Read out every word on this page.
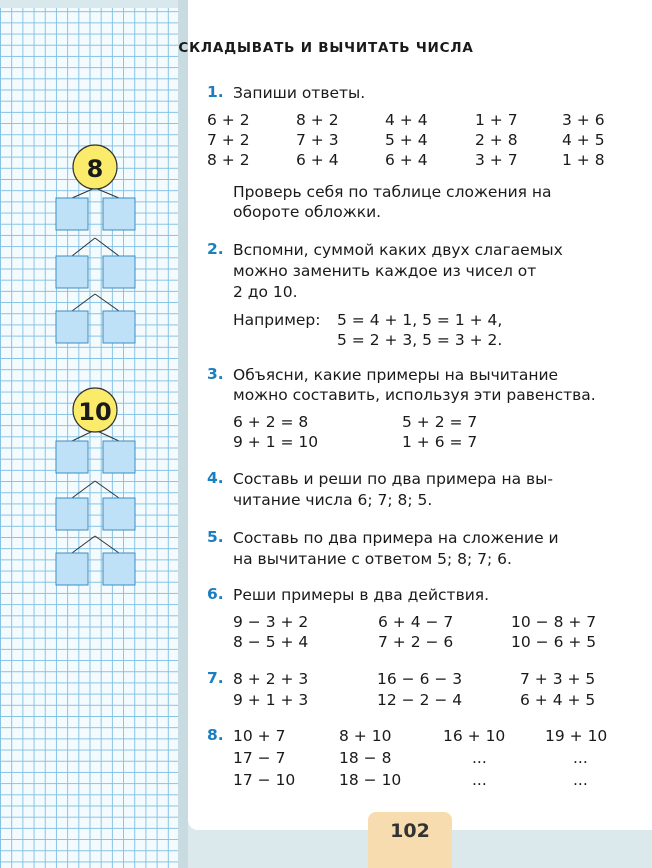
8
10
СКЛАДЫВАТЬ И ВЫЧИТАТЬ ЧИСЛА
1. Запиши ответы.
6 + 2	8 + 2	4 + 4	1 + 7	3 + 6
7 + 2	7 + 3	5 + 4	2 + 8	4 + 5
8 + 2	6 + 4	6 + 4	3 + 7	1 + 8
Проверь себя по таблице сложения на
обороте обложки.
2. Вспомни, суммой каких двух слагаемых
можно заменить каждое из чисел от
2 до 10.
Например: 5 = 4 + 1, 5 = 1 + 4,
5 = 2 + 3, 5 = 3 + 2.
3. Объясни, какие примеры на вычитание
можно составить, используя эти равенства.
6 + 2 = 8	5 + 2 = 7
9 + 1 = 10	1 + 6 = 7
4. Составь и реши по два примера на вы-
читание числа 6; 7; 8; 5.
5. Составь по два примера на сложение и
на вычитание с ответом 5; 8; 7; 6.
6. Реши примеры в два действия.
9 − 3 + 2	6 + 4 − 7	10 − 8 + 7
8 − 5 + 4	7 + 2 − 6	10 − 6 + 5
7. 8 + 2 + 3	16 − 6 − 3	7 + 3 + 5
9 + 1 + 3	12 − 2 − 4	6 + 4 + 5
8. 10 + 7	8 + 10	16 + 10	19 + 10
17 − 7	18 − 8	...	...
17 − 10	18 − 10	...	...
102
